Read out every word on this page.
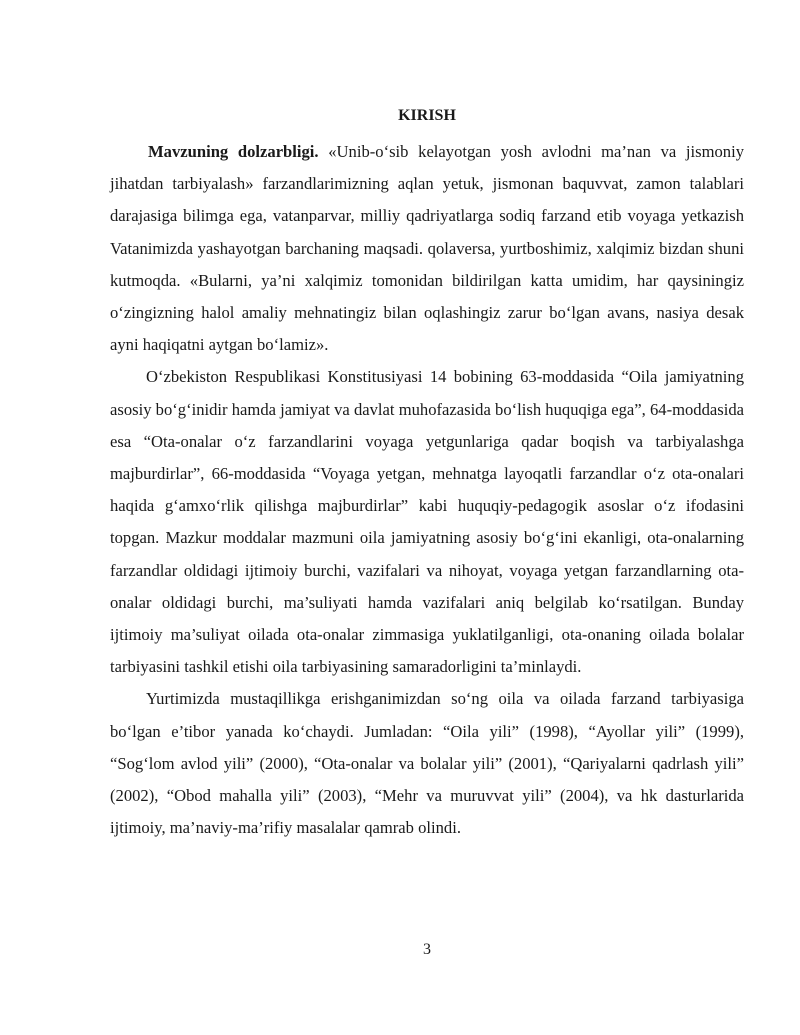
KIRISH

Mavzuning dolzarbligi. «Unib-o‘sib kelayotgan yosh avlodni ma’nan va jismoniy jihatdan tarbiyalash» farzandlarimizning aqlan yetuk, jismonan baquvvat, zamon talablari darajasiga bilimga ega, vatanparvar, milliy qadriyatlarga sodiq farzand etib voyaga yetkazish Vatanimizda yashayotgan barchaning maqsadi. qolaversa, yurtboshimiz, xalqimiz bizdan shuni kutmoqda. «Bularni, ya’ni xalqimiz tomonidan bildirilgan katta umidim, har qaysiningiz o‘zingizning halol amaliy mehnatingiz bilan oqlashingiz zarur bo‘lgan avans, nasiya desak ayni haqiqatni aytgan bo‘lamiz».

O‘zbekiston Respublikasi Konstitusiyasi 14 bobining 63-moddasida “Oila jamiyatning asosiy bo‘g‘inidir hamda jamiyat va davlat muhofazasida bo‘lish huquqiga ega”, 64-moddasida esa “Ota-onalar o‘z farzandlarini voyaga yetgunlariga qadar boqish va tarbiyalashga majburdirlar”, 66-moddasida “Voyaga yetgan, mehnatga layoqatli farzandlar o‘z ota-onalari haqida g‘amxo‘rlik qilishga majburdirlar” kabi huquqiy-pedagogik asoslar o‘z ifodasini topgan. Mazkur moddalar mazmuni oila jamiyatning asosiy bo‘g‘ini ekanligi, ota-onalarning farzandlar oldidagi ijtimoiy burchi, vazifalari va nihoyat, voyaga yetgan farzandlarning ota-onalar oldidagi burchi, ma’suliyati hamda vazifalari aniq belgilab ko‘rsatilgan. Bunday ijtimoiy ma’suliyat oilada ota-onalar zimmasiga yuklatilganligi, ota-onaning oilada bolalar tarbiyasini tashkil etishi oila tarbiyasining samaradorligini ta’minlaydi.

Yurtimizda mustaqillikga erishganimizdan so‘ng oila va oilada farzand tarbiyasiga bo‘lgan e’tibor yanada ko‘chaydi. Jumladan: “Oila yili” (1998), “Ayollar yili” (1999), “Sog‘lom avlod yili” (2000), “Ota-onalar va bolalar yili” (2001), “Qariyalarni qadrlash yili” (2002), “Obod mahalla yili” (2003), “Mehr va muruvvat yili” (2004), va hk dasturlarida ijtimoiy, ma’naviy-ma’rifiy masalalar qamrab olindi.

3
